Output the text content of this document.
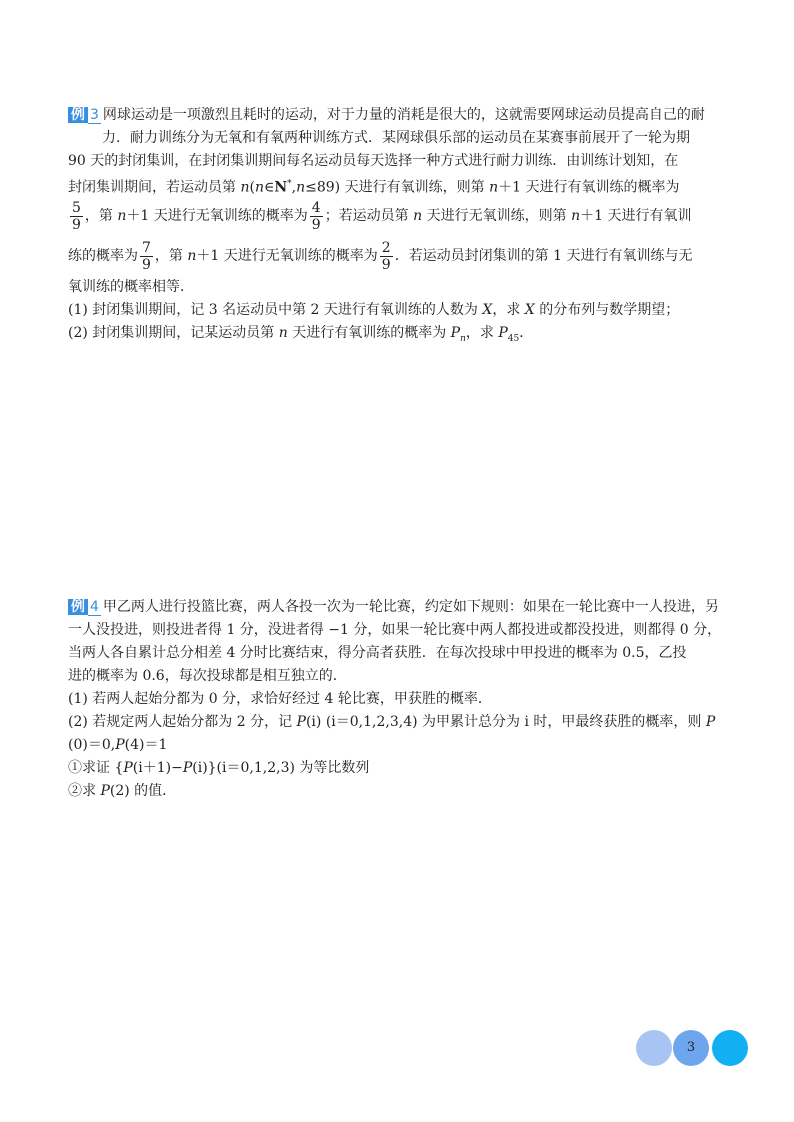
例 3 网球运动是一项激烈且耗时的运动，对于力量的消耗是很大的，这就需要网球运动员提高自己的耐
力．耐力训练分为无氧和有氧两种训练方式．某网球俱乐部的运动员在某赛事前展开了一轮为期
90 天的封闭集训，在封闭集训期间每名运动员每天选择一种方式进行耐力训练．由训练计划知，在
封闭集训期间，若运动员第 n(n∈N*,n≤89) 天进行有氧训练，则第 n＋1 天进行有氧训练的概率为
$\frac{5}{9}$ ，第 n＋1 天进行无氧训练的概率为 $\frac{4}{9}$ ；若运动员第 n 天进行无氧训练，则第 n＋1 天进行有氧训
练的概率为 $\frac{7}{9}$ ，第 n＋1 天进行无氧训练的概率为 $\frac{2}{9}$ ．若运动员封闭集训的第 1 天进行有氧训练与无
氧训练的概率相等．
(1) 封闭集训期间，记 3 名运动员中第 2 天进行有氧训练的人数为 X，求 X 的分布列与数学期望；
(2) 封闭集训期间，记某运动员第 n 天进行有氧训练的概率为 $P_n$，求 $P_{45}$．
例 4 甲乙两人进行投篮比赛，两人各投一次为一轮比赛，约定如下规则：如果在一轮比赛中一人投进，另
一人没投进，则投进者得 1 分，没进者得 −1 分，如果一轮比赛中两人都投进或都没投进，则都得 0 分，
当两人各自累计总分相差 4 分时比赛结束，得分高者获胜．在每次投球中甲投进的概率为 0.5，乙投
进的概率为 0.6，每次投球都是相互独立的．
(1) 若两人起始分都为 0 分，求恰好经过 4 轮比赛，甲获胜的概率．
(2) 若规定两人起始分都为 2 分，记 P(i) (i＝0,1,2,3,4) 为甲累计总分为 i 时，甲最终获胜的概率，则 P
(0)＝0,P(4)＝1
①求证 {P(i＋1)−P(i)}(i＝0,1,2,3) 为等比数列
②求 P(2) 的值．
3
